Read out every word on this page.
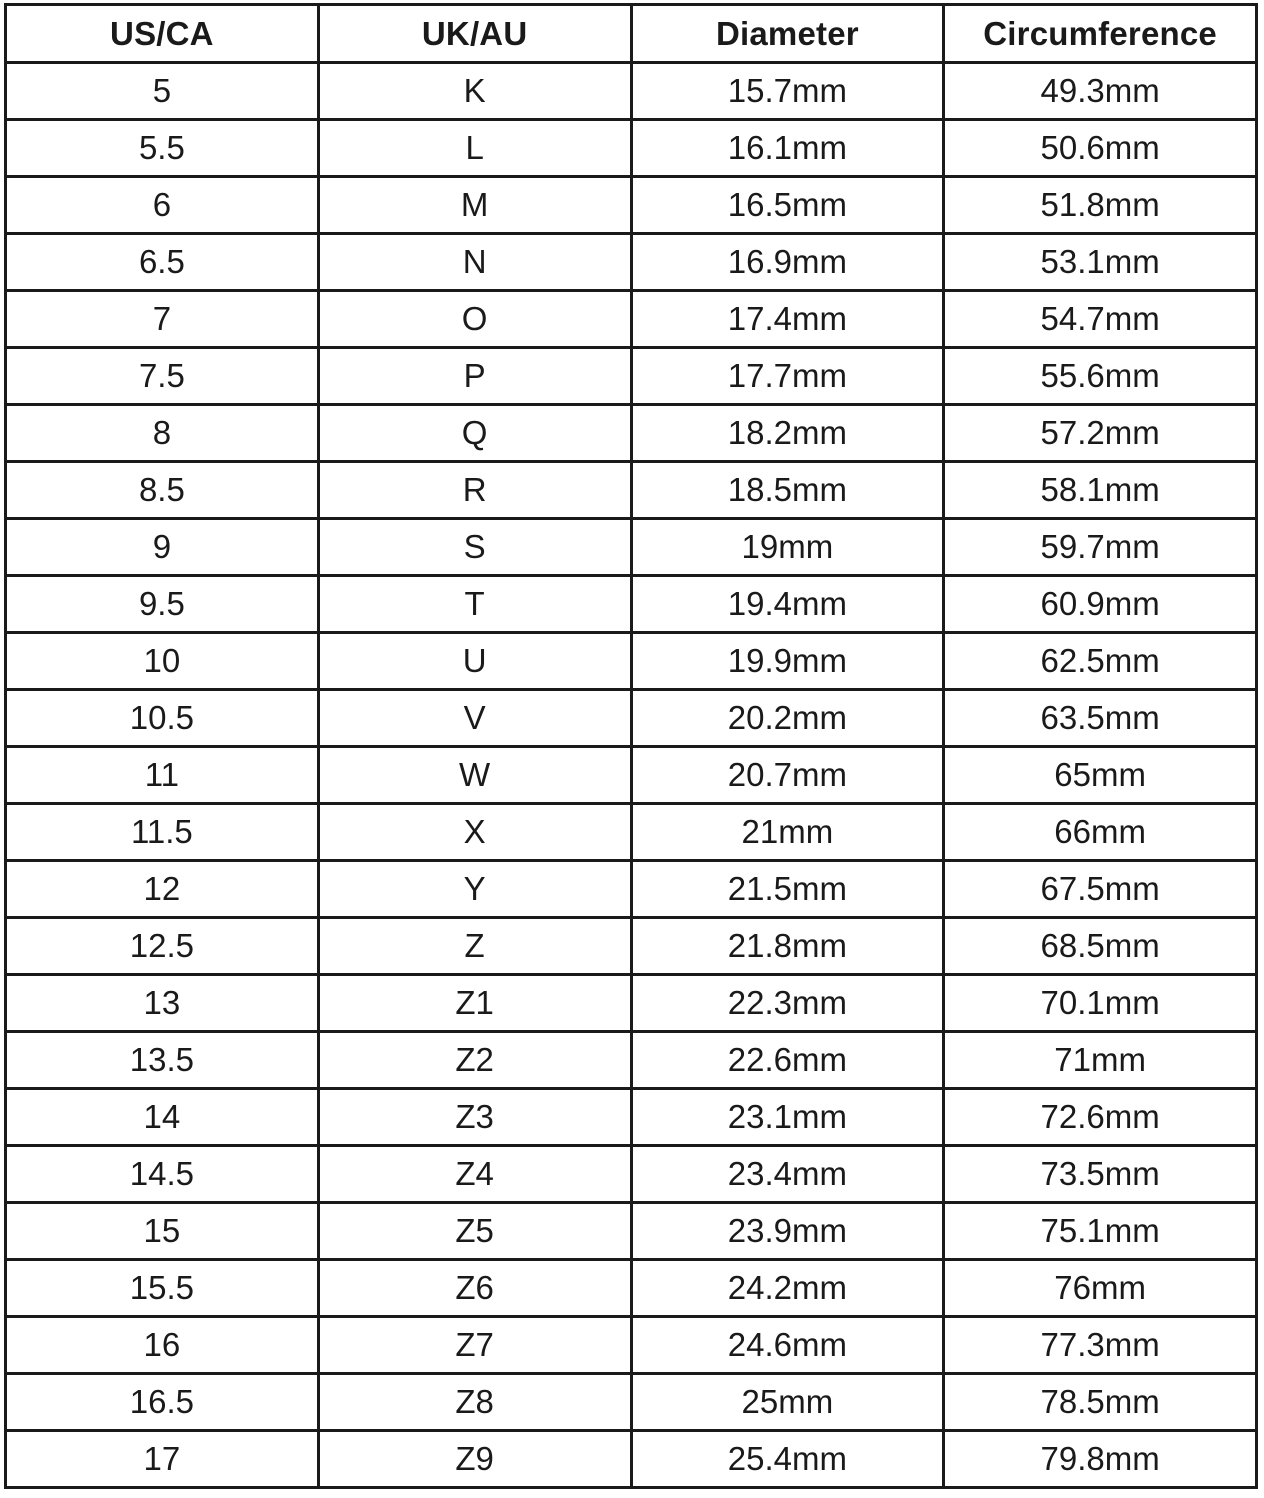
US/CA	UK/AU	Diameter	Circumference
5	K	15.7mm	49.3mm
5.5	L	16.1mm	50.6mm
6	M	16.5mm	51.8mm
6.5	N	16.9mm	53.1mm
7	O	17.4mm	54.7mm
7.5	P	17.7mm	55.6mm
8	Q	18.2mm	57.2mm
8.5	R	18.5mm	58.1mm
9	S	19mm	59.7mm
9.5	T	19.4mm	60.9mm
10	U	19.9mm	62.5mm
10.5	V	20.2mm	63.5mm
11	W	20.7mm	65mm
11.5	X	21mm	66mm
12	Y	21.5mm	67.5mm
12.5	Z	21.8mm	68.5mm
13	Z1	22.3mm	70.1mm
13.5	Z2	22.6mm	71mm
14	Z3	23.1mm	72.6mm
14.5	Z4	23.4mm	73.5mm
15	Z5	23.9mm	75.1mm
15.5	Z6	24.2mm	76mm
16	Z7	24.6mm	77.3mm
16.5	Z8	25mm	78.5mm
17	Z9	25.4mm	79.8mm
